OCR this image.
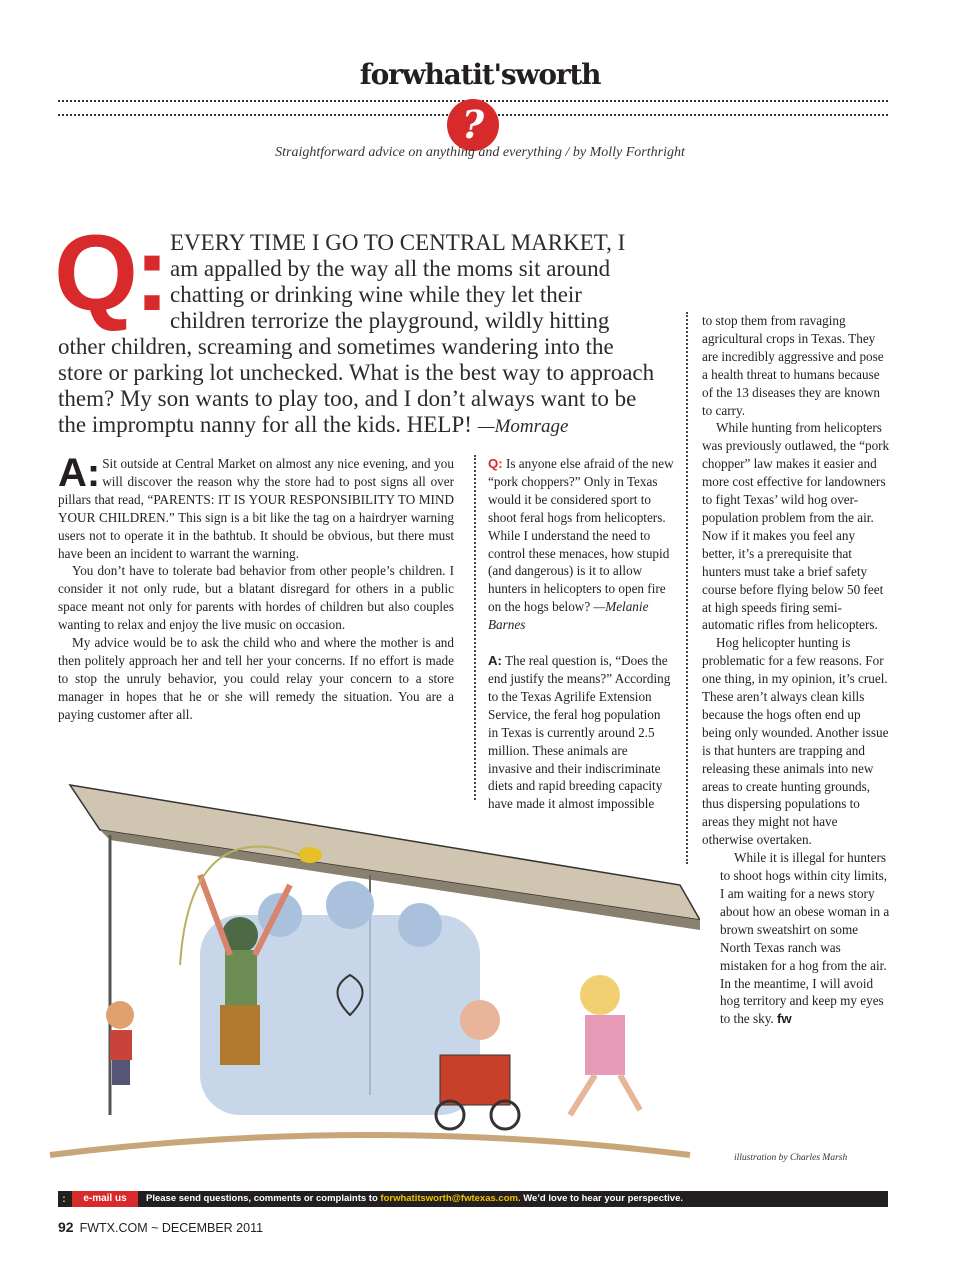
forwhatit'sworth
?
Straightforward advice on anything and everything / by Molly Forthright
Q: EVERY TIME I GO TO CENTRAL MARKET, I am appalled by the way all the moms sit around chatting or drinking wine while they let their children terrorize the playground, wildly hitting other children, screaming and sometimes wandering into the store or parking lot unchecked. What is the best way to approach them? My son wants to play too, and I don’t always want to be the impromptu nanny for all the kids. HELP! —Momrage
A: Sit outside at Central Market on almost any nice evening, and you will discover the reason why the store had to post signs all over pillars that read, “PARENTS: IT IS YOUR RESPONSIBILITY TO MIND YOUR CHILDREN.” This sign is a bit like the tag on a hairdryer warning users not to operate it in the bathtub. It should be obvious, but there must have been an incident to warrant the warning.

You don’t have to tolerate bad behavior from other people’s children. I consider it not only rude, but a blatant disregard for others in a public space meant not only for parents with hordes of children but also couples wanting to relax and enjoy the live music on occasion.

My advice would be to ask the child who and where the mother is and then politely approach her and tell her your concerns. If no effort is made to stop the unruly behavior, you could relay your concern to a store manager in hopes that he or she will remedy the situation. You are a paying customer after all.

Q: Is anyone else afraid of the new “pork choppers?” Only in Texas would it be considered sport to shoot feral hogs from helicopters. While I understand the need to control these menaces, how stupid (and dangerous) is it to allow hunters in helicopters to open fire on the hogs below? —Melanie Barnes

A: The real question is, “Does the end justify the means?” According to the Texas Agrilife Extension Service, the feral hog population in Texas is currently around 2.5 million. These animals are invasive and their indiscriminate diets and rapid breeding capacity have made it almost impossible

to stop them from ravaging agricultural crops in Texas. They are incredibly aggressive and pose a health threat to humans because of the 13 diseases they are known to carry.

While hunting from helicopters was previously outlawed, the “pork chopper” law makes it easier and more cost effective for landowners to fight Texas’ wild hog over-population problem from the air. Now if it makes you feel any better, it’s a prerequisite that hunters must take a brief safety course before flying below 50 feet at high speeds firing semi-automatic rifles from helicopters.

Hog helicopter hunting is problematic for a few reasons. For one thing, in my opinion, it’s cruel. These aren’t always clean kills because the hogs often end up being only wounded. Another issue is that hunters are trapping and releasing these animals into new areas to create hunting grounds, thus dispersing populations to areas they might not have otherwise overtaken.

While it is illegal for hunters to shoot hogs within city limits, I am waiting for a news story about how an obese woman in a brown sweatshirt on some North Texas ranch was mistaken for a hog from the air. In the meantime, I will avoid hog territory and keep my eyes to the sky. fw

illustration by Charles Marsh
:	e-mail us	Please send questions, comments or complaints to forwhatitsworth@fwtexas.com. We’d love to hear your perspective.
92 FWTX.COM ~ DECEMBER 2011
